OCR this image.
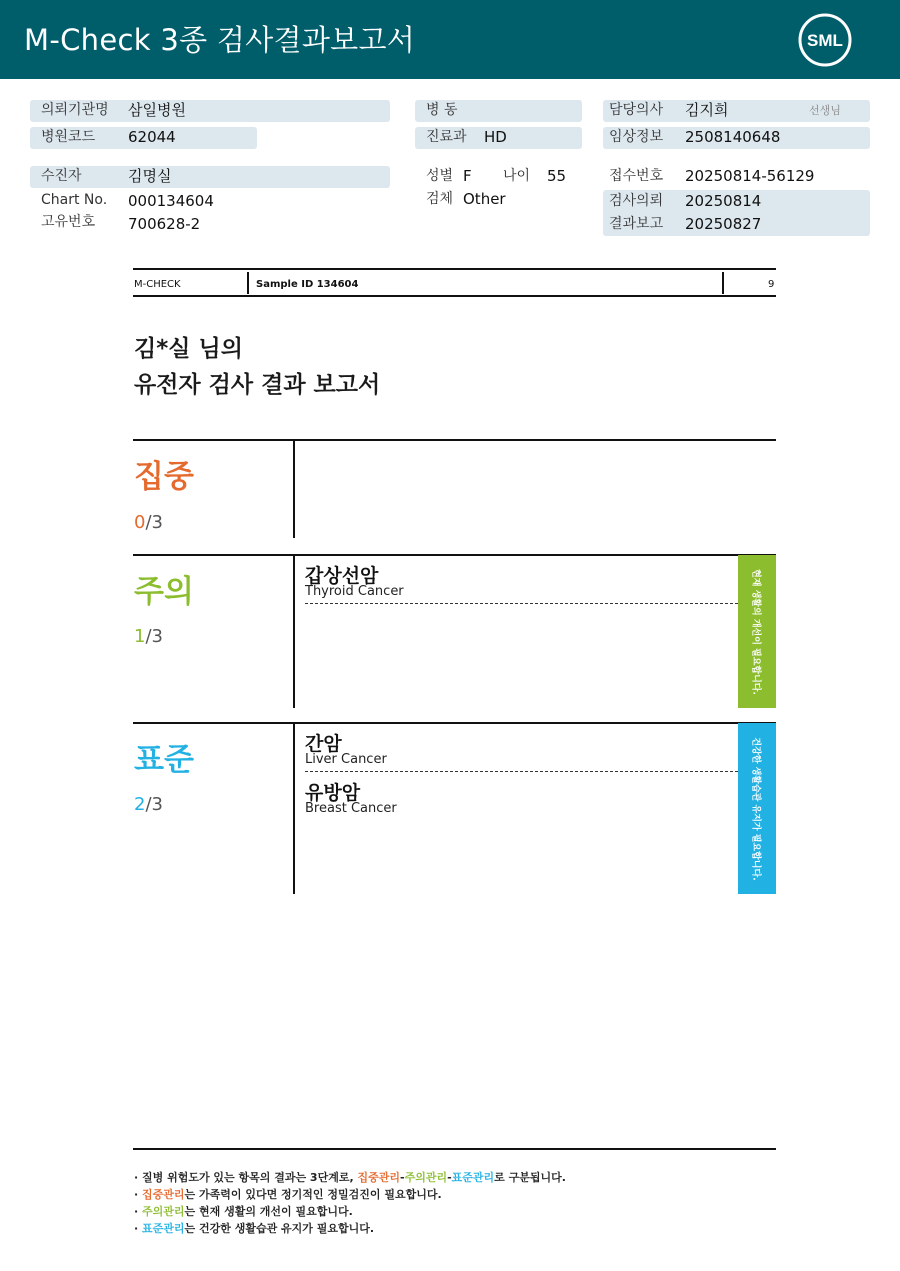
M-Check 3종 검사결과보고서	SML
의뢰기관명 삼일병원
병원코드 62044
수진자	김명실
Chart No. 000134604
고유번호 700628-2
병 동
진료과 HD
성별 F 나이 55
검체 Other
담당의사 김지희	선생님
임상정보 2508140648
접수번호 20250814-56129
검사의뢰 20250814
결과보고 20250827
M-CHECK	Sample ID 134604	9
김*실 님의
유전자 검사 결과 보고서
집중
0/3
주의
1/3
갑상선암
Thyroid Cancer	현재 생활의 개선이 필요합니다.
표준
2/3
간암
Liver Cancer
유방암
Breast Cancer	건강한 생활습관 유지가 필요합니다.
· 질병 위험도가 있는 항목의 결과는 3단계로, 집중관리-주의관리-표준관리로 구분됩니다.
· 집중관리는 가족력이 있다면 정기적인 정밀검진이 필요합니다.
· 주의관리는 현재 생활의 개선이 필요합니다.
· 표준관리는 건강한 생활습관 유지가 필요합니다.
